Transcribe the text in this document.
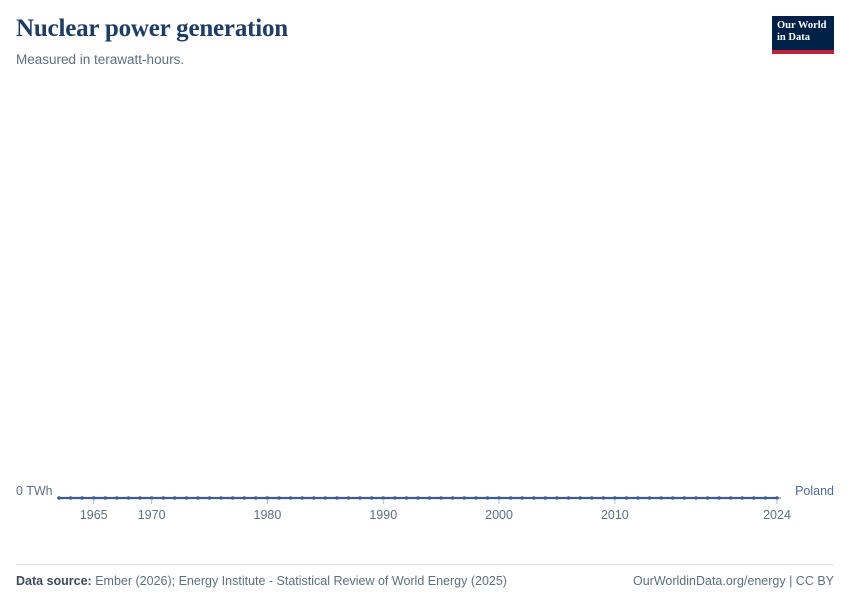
Nuclear power generation

Measured in terawatt-hours.

Our World
in Data
1965 1970	1980	1990	2000	2010	2024
0 TWh	Poland
Data source: Ember (2026); Energy Institute - Statistical Review of World Energy (2025)	OurWorldinData.org/energy | CC BY
